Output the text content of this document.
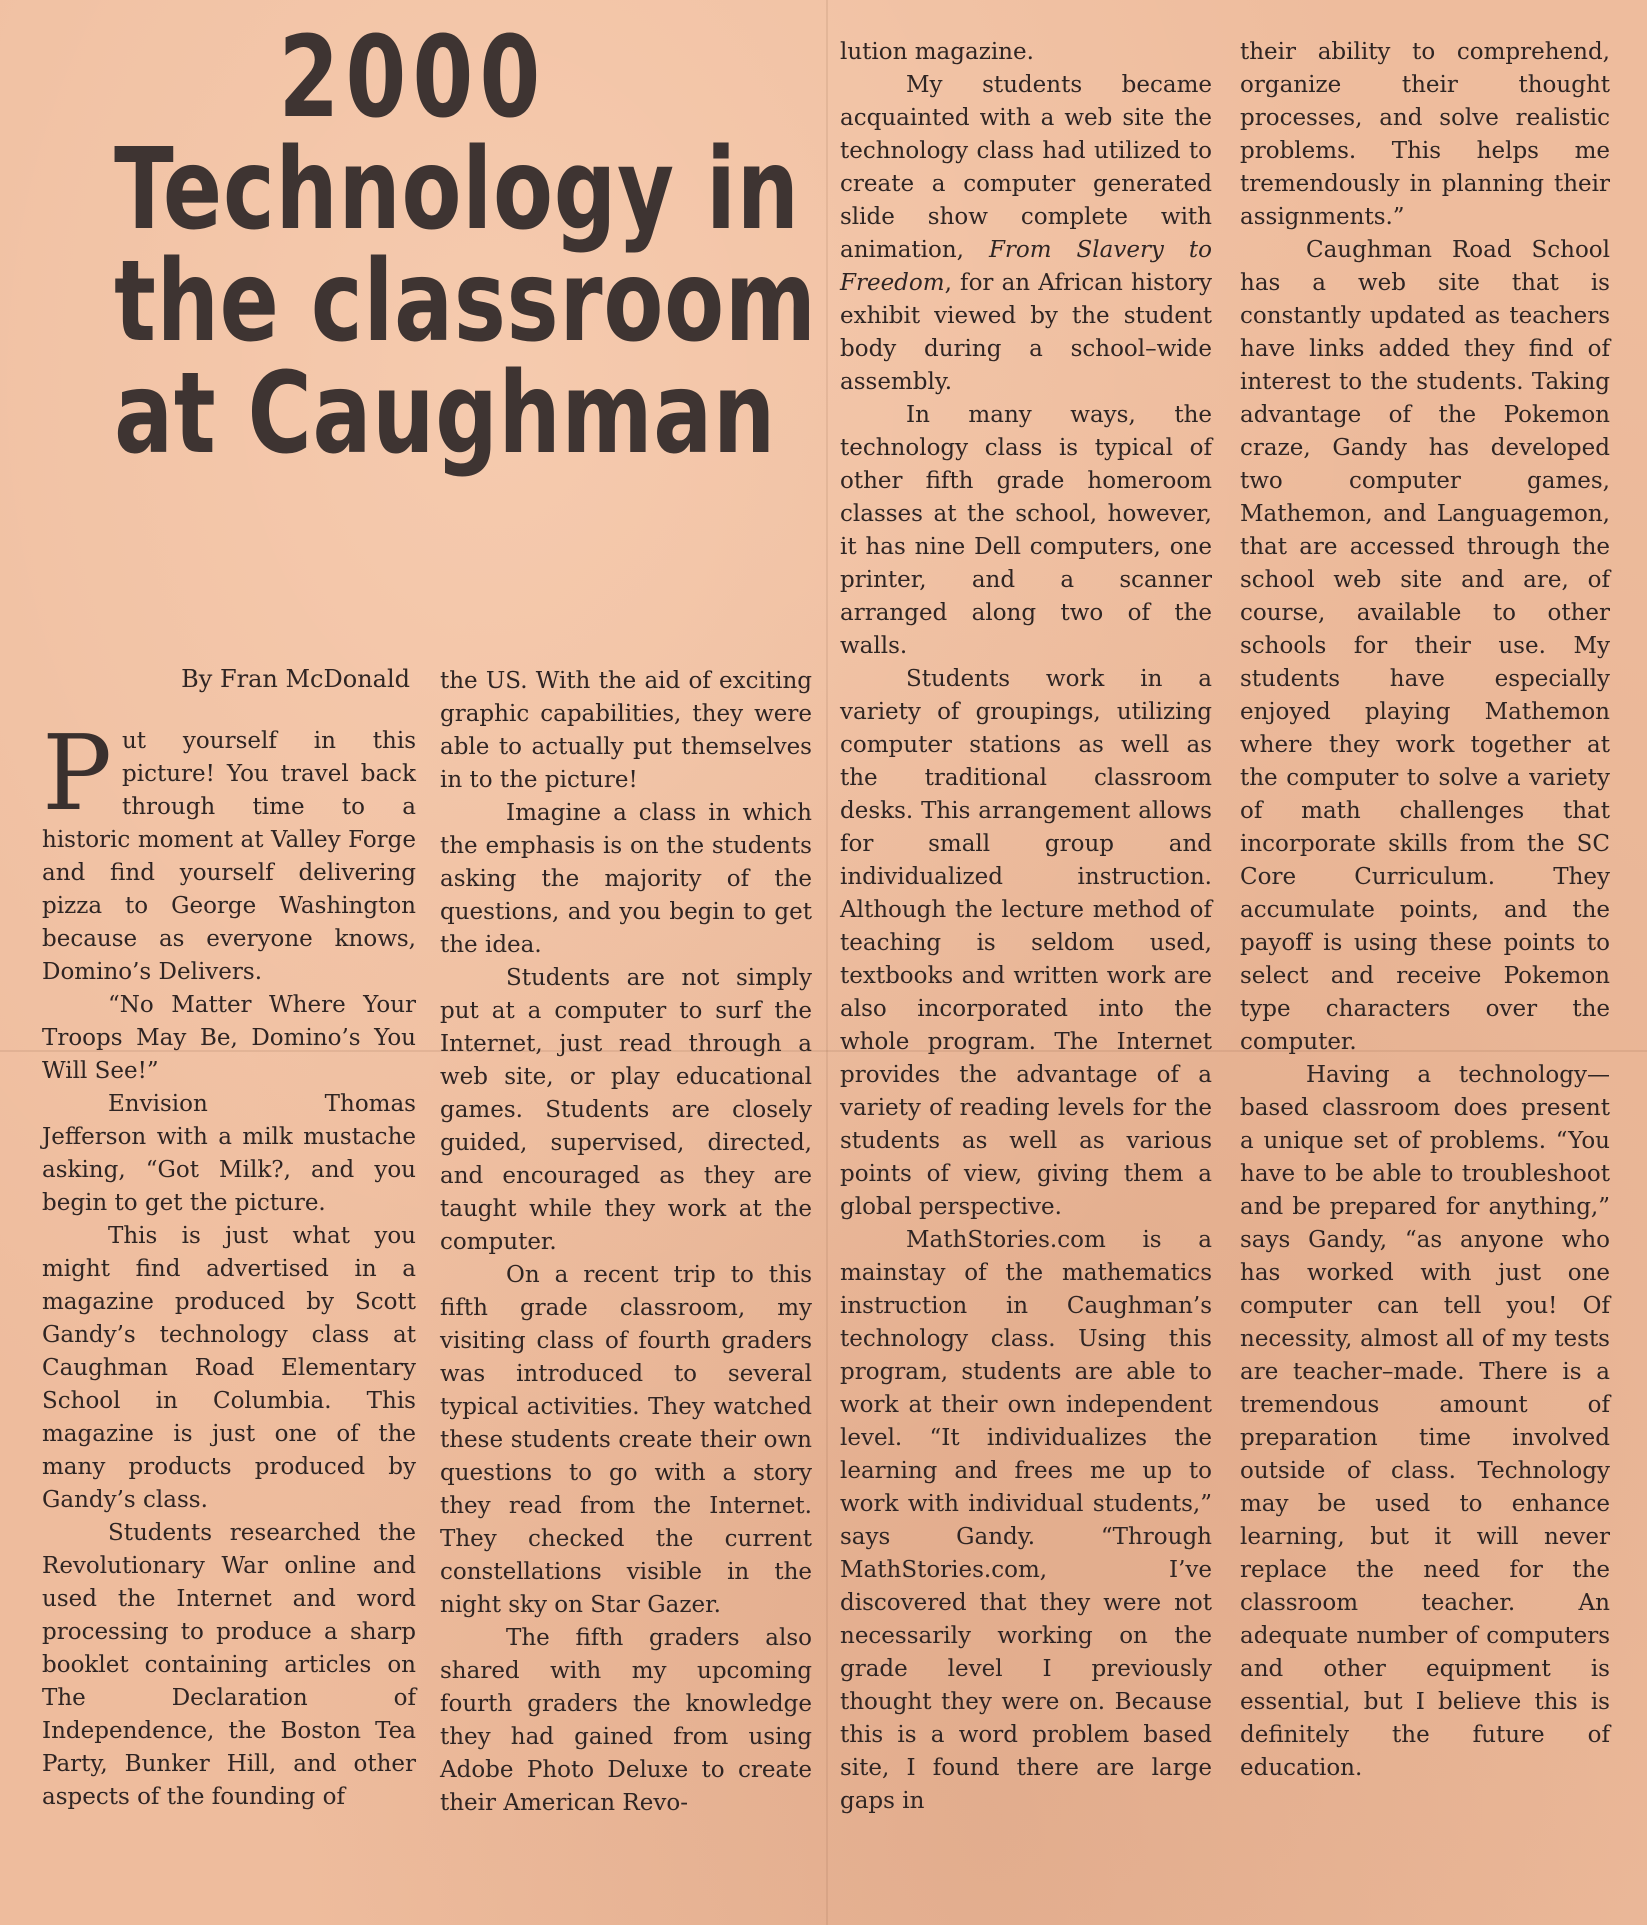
2000
Technology in
the classroom
at Caughman
By Fran McDonald

Put yourself in this picture! You travel back through time to a historic moment at Valley Forge and find yourself delivering pizza to George Washington because as everyone knows, Domino’s Delivers.

“No Matter Where Your Troops May Be, Domino’s You Will See!”

Envision Thomas Jefferson with a milk mustache asking, “Got Milk?, and you begin to get the picture.

This is just what you might find advertised in a magazine produced by Scott Gandy’s technology class at Caughman Road Elementary School in Columbia. This magazine is just one of the many products produced by Gandy’s class.

Students researched the Revolutionary War online and used the Internet and word processing to produce a sharp booklet containing articles on The Declaration of Independence, the Boston Tea Party, Bunker Hill, and other aspects of the founding of

the US. With the aid of exciting graphic capabilities, they were able to actually put themselves in to the picture!

Imagine a class in which the emphasis is on the students asking the majority of the questions, and you begin to get the idea.

Students are not simply put at a computer to surf the Internet, just read through a web site, or play educational games. Students are closely guided, supervised, directed, and encouraged as they are taught while they work at the computer.

On a recent trip to this fifth grade classroom, my visiting class of fourth graders was introduced to several typical activities. They watched these students create their own questions to go with a story they read from the Internet. They checked the current constellations visible in the night sky on Star Gazer.

The fifth graders also shared with my upcoming fourth graders the knowledge they had gained from using Adobe Photo Deluxe to create their American Revo-

lution magazine.

My students became acquainted with a web site the technology class had utilized to create a computer generated slide show complete with animation, From Slavery to Freedom, for an African history exhibit viewed by the student body during a school–wide assembly.

In many ways, the technology class is typical of other fifth grade homeroom classes at the school, however, it has nine Dell computers, one printer, and a scanner arranged along two of the walls.

Students work in a variety of groupings, utilizing computer stations as well as the traditional classroom desks. This arrangement allows for small group and individualized instruction. Although the lecture method of teaching is seldom used, textbooks and written work are also incorporated into the whole program. The Internet provides the advantage of a variety of reading levels for the students as well as various points of view, giving them a global perspective.

MathStories.com is a mainstay of the mathematics instruction in Caughman’s technology class. Using this program, students are able to work at their own independent level. “It individualizes the learning and frees me up to work with individual students,” says Gandy. “Through MathStories.com, I’ve discovered that they were not necessarily working on the grade level I previously thought they were on. Because this is a word problem based site, I found there are large gaps in

their ability to comprehend, organize their thought processes, and solve realistic problems. This helps me tremendously in planning their assignments.”

Caughman Road School has a web site that is constantly updated as teachers have links added they find of interest to the students. Taking advantage of the Pokemon craze, Gandy has developed two computer games, Mathemon, and Languagemon, that are accessed through the school web site and are, of course, available to other schools for their use. My students have especially enjoyed playing Mathemon where they work together at the computer to solve a variety of math challenges that incorporate skills from the SC Core Curriculum. They accumulate points, and the payoff is using these points to select and receive Pokemon type characters over the computer.

Having a technology—based classroom does present a unique set of problems. “You have to be able to troubleshoot and be prepared for anything,” says Gandy, “as anyone who has worked with just one computer can tell you! Of necessity, almost all of my tests are teacher–made. There is a tremendous amount of preparation time involved outside of class. Technology may be used to enhance learning, but it will never replace the need for the classroom teacher. An adequate number of computers and other equipment is essential, but I believe this is definitely the future of education.
